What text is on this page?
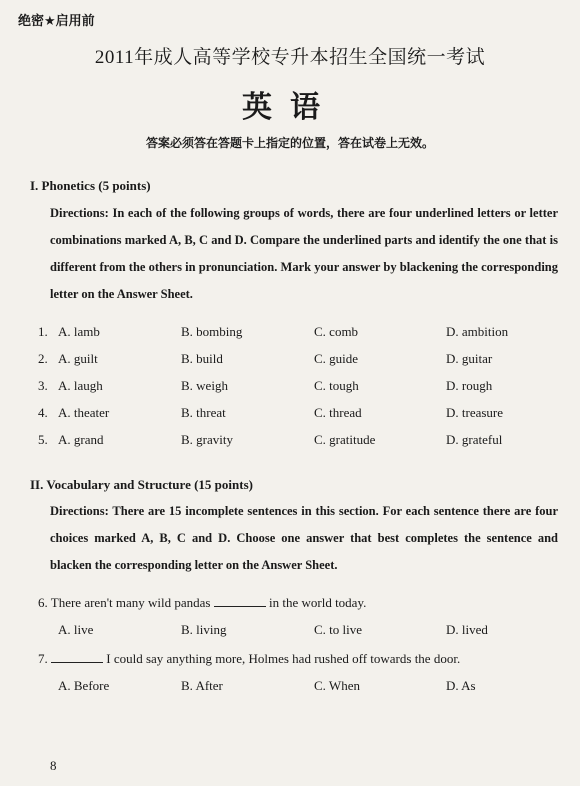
绝密★启用前
2011年成人高等学校专升本招生全国统一考试
英语
答案必须答在答题卡上指定的位置，答在试卷上无效。
I. Phonetics (5 points)
Directions: In each of the following groups of words, there are four underlined letters or letter combinations marked A, B, C and D. Compare the underlined parts and identify the one that is different from the others in pronunciation. Mark your answer by blackening the corresponding letter on the Answer Sheet.
1. A. lamb	B. bombing	C. comb	D. ambition
2. A. guilt	B. build	C. guide	D. guitar
3. A. laugh	B. weigh	C. tough	D. rough
4. A. theater	B. threat	C. thread	D. treasure
5. A. grand	B. gravity	C. gratitude	D. grateful
II. Vocabulary and Structure (15 points)
Directions: There are 15 incomplete sentences in this section. For each sentence there are four choices marked A, B, C and D. Choose one answer that best completes the sentence and blacken the corresponding letter on the Answer Sheet.
6. There aren't many wild pandas	in the world today.
A. live	B. living	C. to live	D. lived
7.	I could say anything more, Holmes had rushed off towards the door.
A. Before	B. After	C. When	D. As
8
